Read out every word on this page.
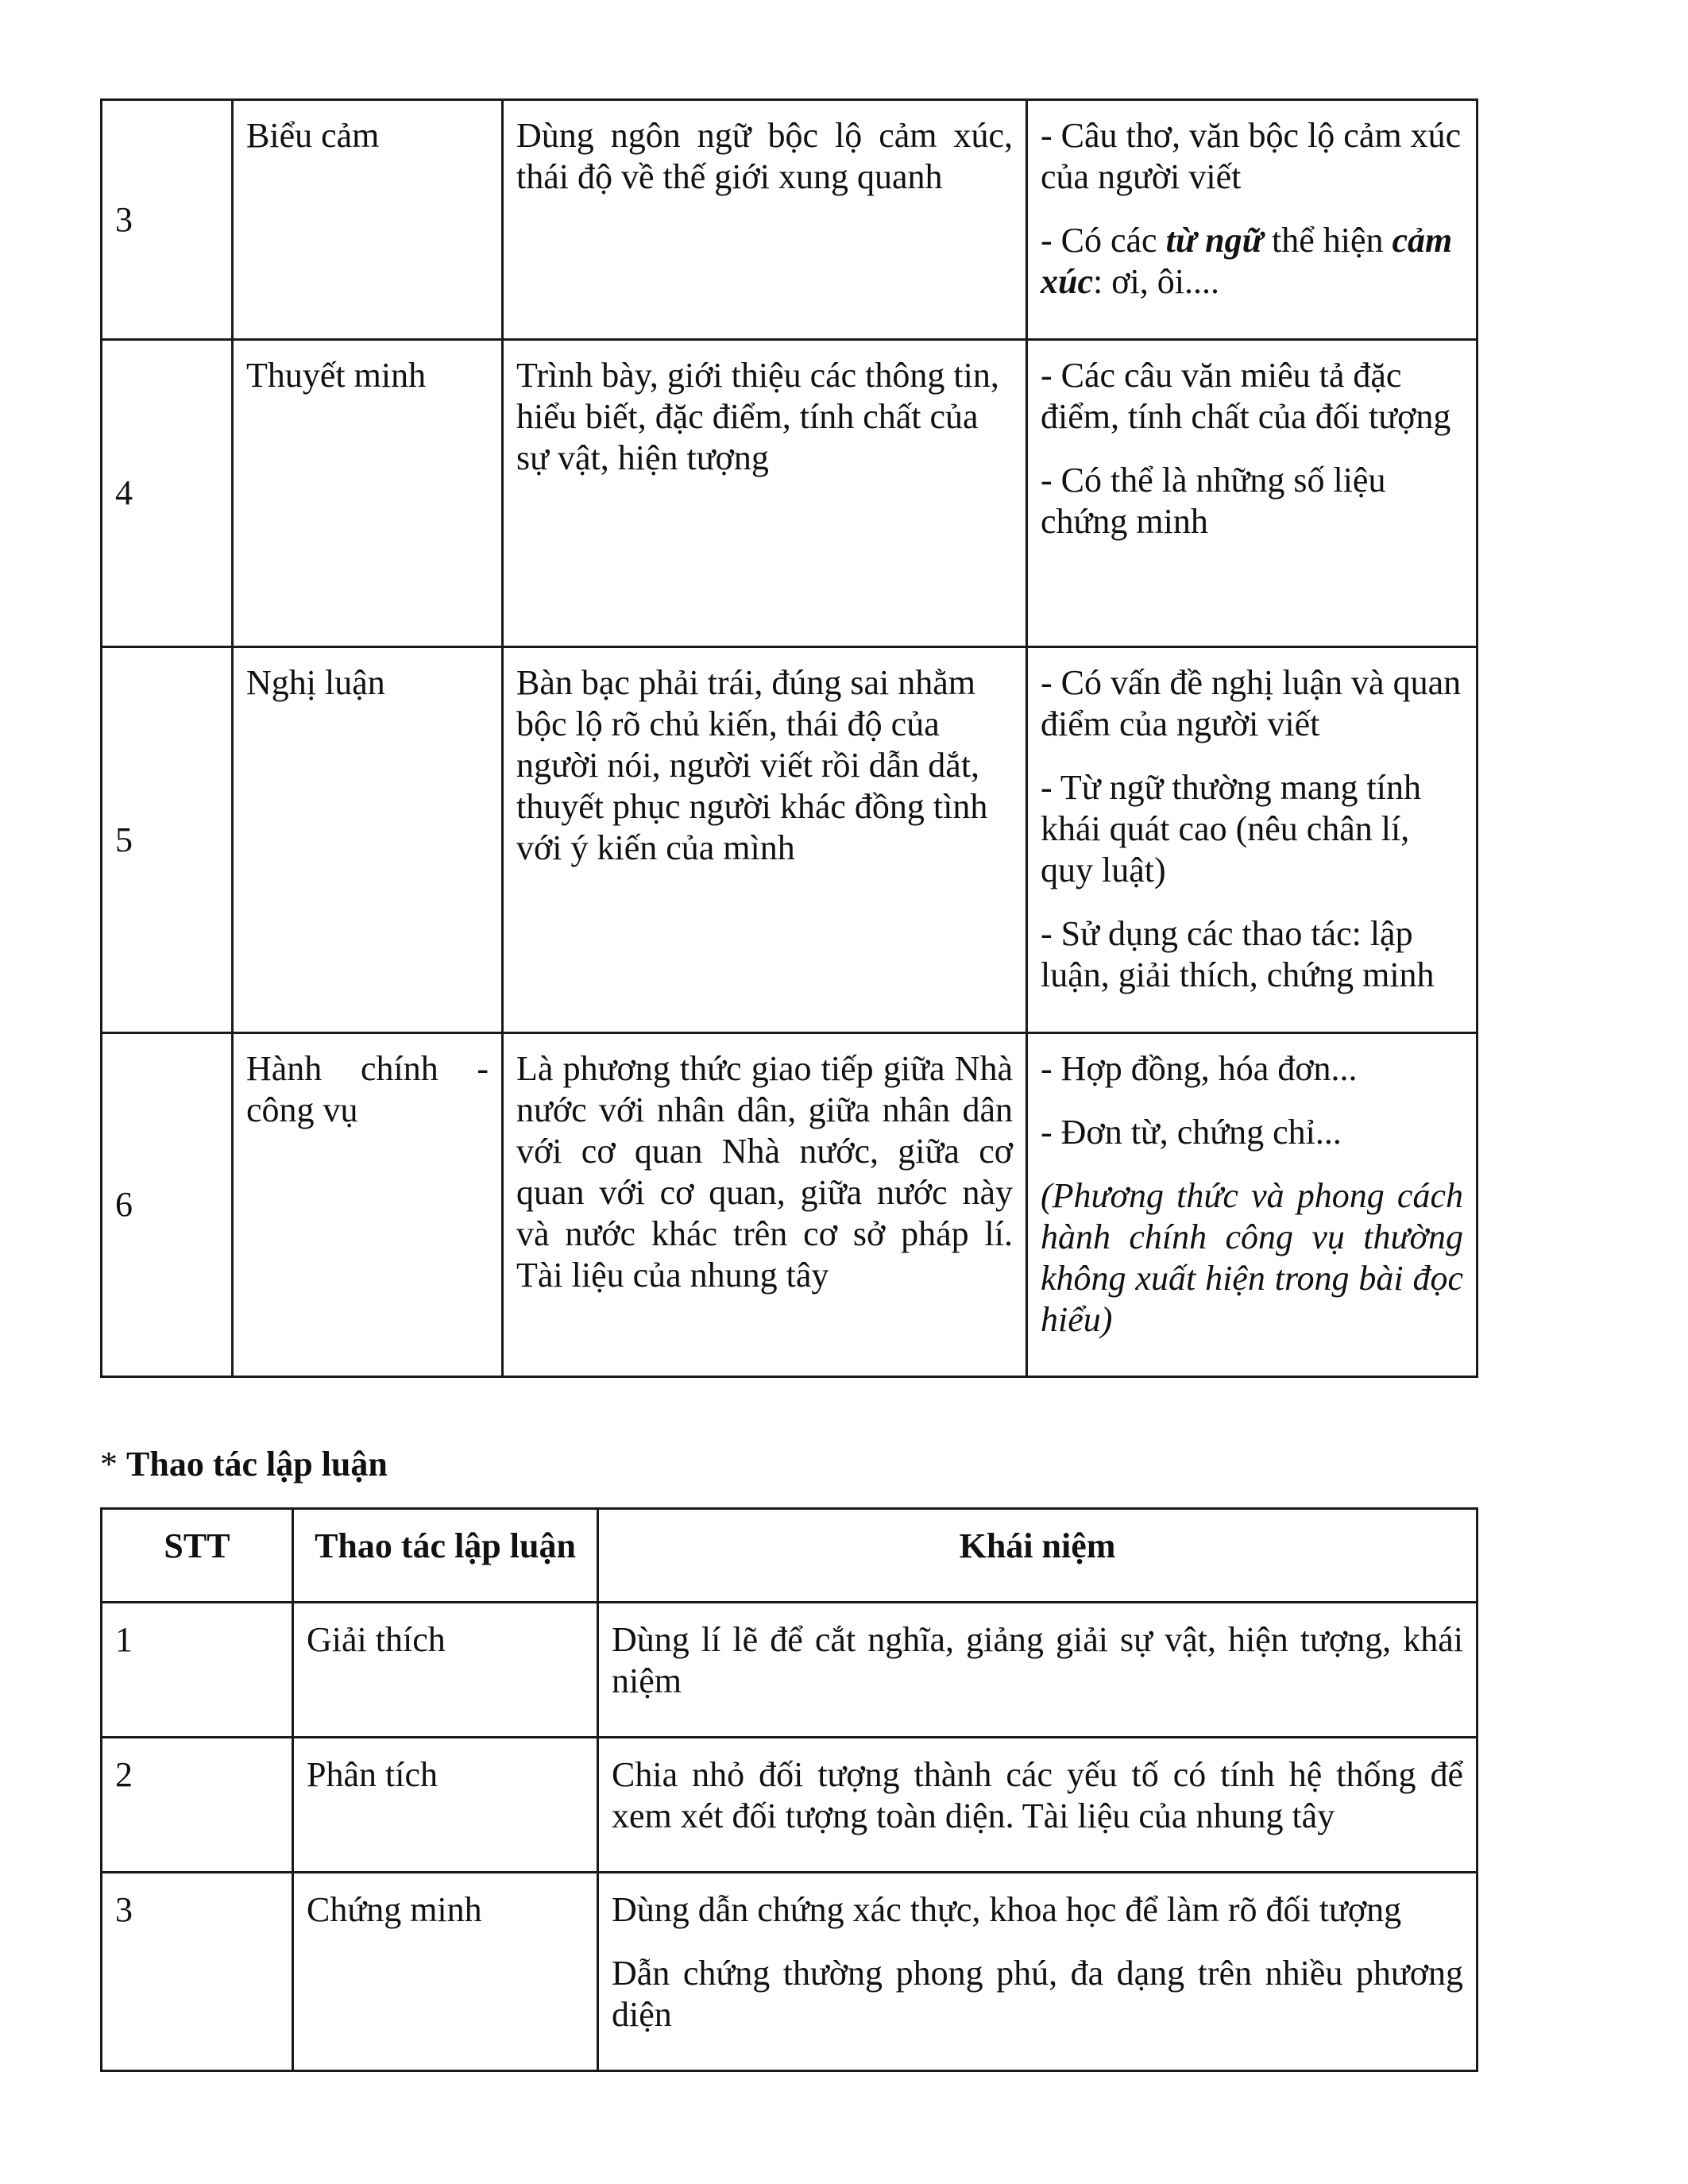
3	Biểu cảm	Dùng ngôn ngữ bộc lộ cảm xúc, thái độ về thế giới xung quanh	- Câu thơ, văn bộc lộ cảm xúc của người viết

- Có các từ ngữ thể hiện cảm xúc: ơi, ôi....

4	Thuyết minh	Trình bày, giới thiệu các thông tin, hiểu biết, đặc điểm, tính chất của sự vật, hiện tượng	- Các câu văn miêu tả đặc điểm, tính chất của đối tượng

- Có thể là những số liệu chứng minh

5	Nghị luận	Bàn bạc phải trái, đúng sai nhằm bộc lộ rõ chủ kiến, thái độ của người nói, người viết rồi dẫn dắt, thuyết phục người khác đồng tình với ý kiến của mình	- Có vấn đề nghị luận và quan điểm của người viết

- Từ ngữ thường mang tính khái quát cao (nêu chân lí, quy luật)

- Sử dụng các thao tác: lập luận, giải thích, chứng minh

6	Hành chính - công vụ	Là phương thức giao tiếp giữa Nhà nước với nhân dân, giữa nhân dân với cơ quan Nhà nước, giữa cơ quan với cơ quan, giữa nước này và nước khác trên cơ sở pháp lí. Tài liệu của nhung tây	- Hợp đồng, hóa đơn...

- Đơn từ, chứng chỉ...

(Phương thức và phong cách hành chính công vụ thường không xuất hiện trong bài đọc hiểu)

* Thao tác lập luận
STT	Thao tác lập luận	Khái niệm
1	Giải thích	Dùng lí lẽ để cắt nghĩa, giảng giải sự vật, hiện tượng, khái niệm

2	Phân tích	Chia nhỏ đối tượng thành các yếu tố có tính hệ thống để xem xét đối tượng toàn diện. Tài liệu của nhung tây

3	Chứng minh	Dùng dẫn chứng xác thực, khoa học để làm rõ đối tượng

Dẫn chứng thường phong phú, đa dạng trên nhiều phương diện
